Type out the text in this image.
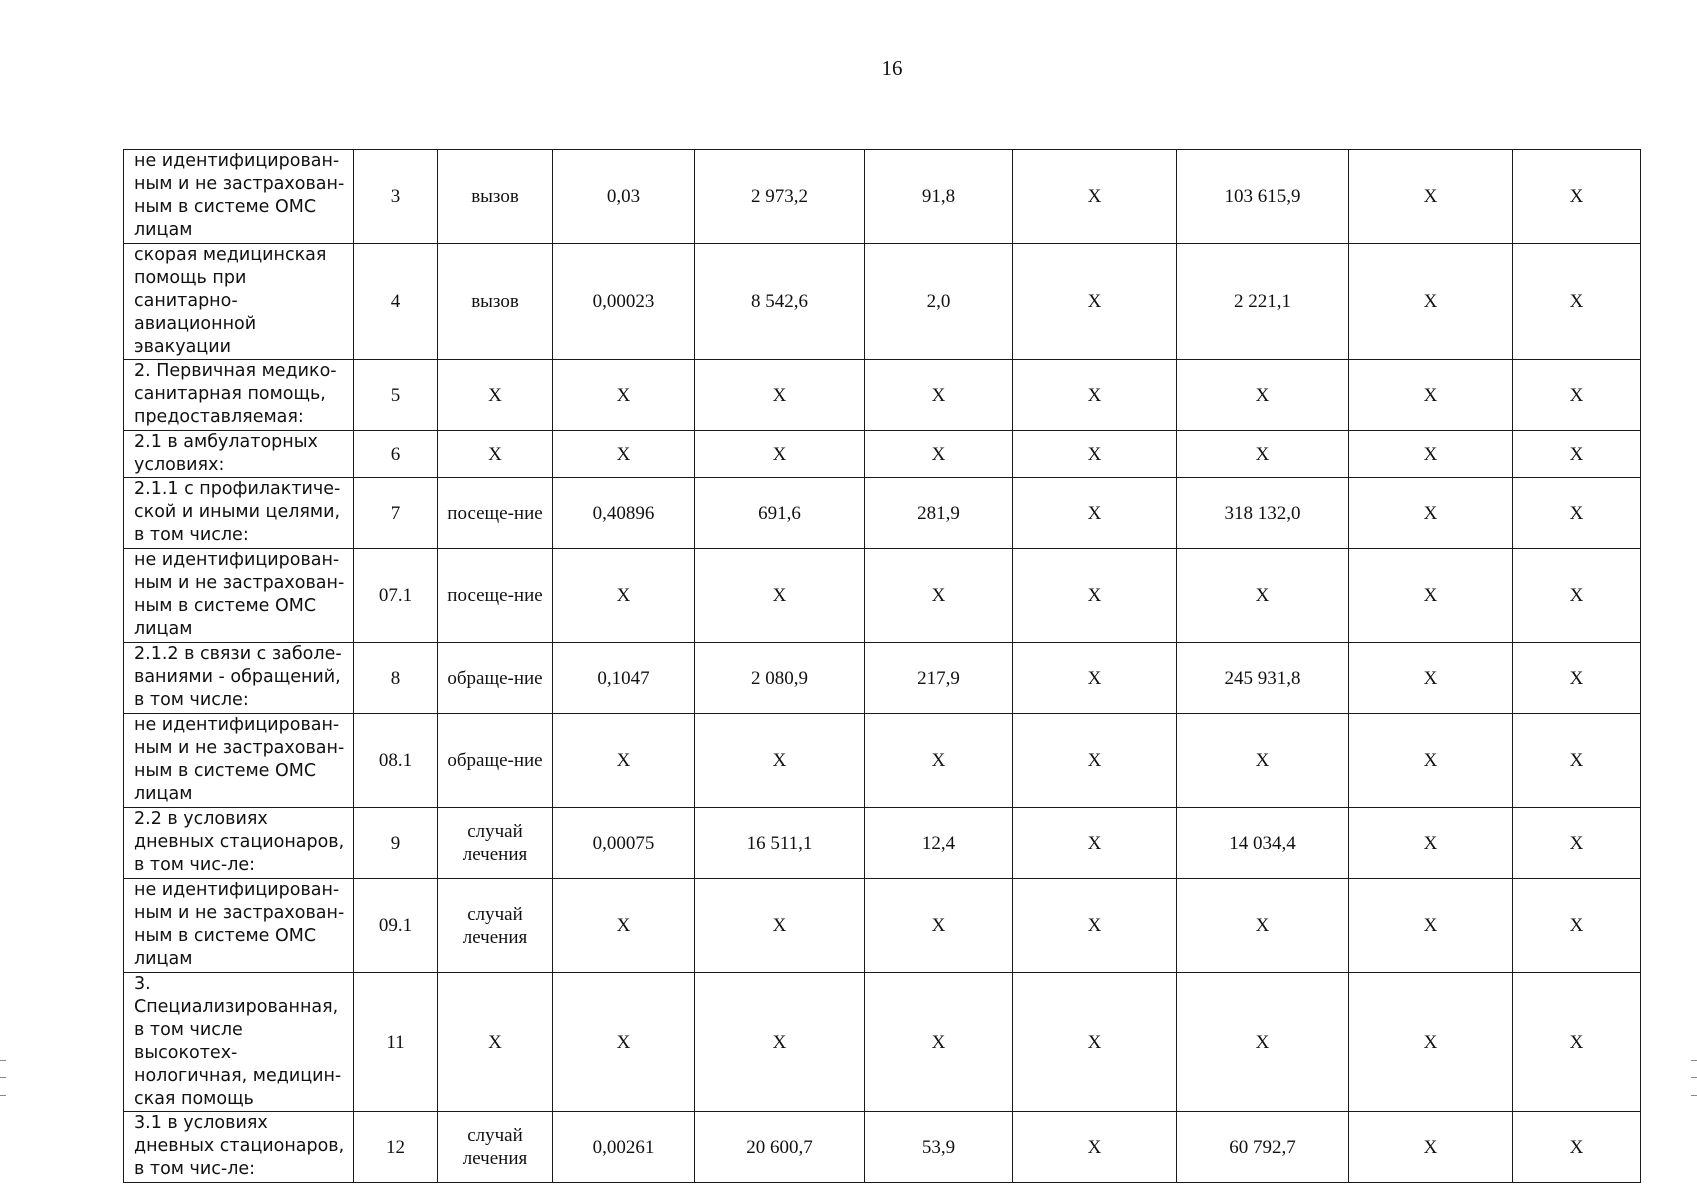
16
не идентифицирован-ным и не застрахован-ным в системе ОМС лицам	3	вызов	0,03	2 973,2	91,8	X	103 615,9	X	X
скорая медицинская помощь при санитарно-авиационной эвакуации	4	вызов	0,00023	8 542,6	2,0	X	2 221,1	X	X
2. Первичная медико-санитарная помощь, предоставляемая:	5	X	X	X	X	X	X	X	X
2.1 в амбулаторных условиях:	6	X	X	X	X	X	X	X	X
2.1.1 с профилактиче-ской и иными целями, в том числе:	7	посеще-ние	0,40896	691,6	281,9	X	318 132,0	X	X
не идентифицирован-ным и не застрахован-ным в системе ОМС лицам	07.1	посеще-ние	X	X	X	X	X	X	X
2.1.2 в связи с заболе-ваниями - обращений, в том числе:	8	обраще-ние	0,1047	2 080,9	217,9	X	245 931,8	X	X
не идентифицирован-ным и не застрахован-ным в системе ОМС лицам	08.1	обраще-ние	X	X	X	X	X	X	X
2.2 в условиях дневных стационаров, в том чис-ле:	9	случай лечения	0,00075	16 511,1	12,4	X	14 034,4	X	X
не идентифицирован-ным и не застрахован-ным в системе ОМС лицам	09.1	случай лечения	X	X	X	X	X	X	X
3. Специализированная, в том числе высокотех-нологичная, медицин-ская помощь	11	X	X	X	X	X	X	X	X
3.1 в условиях дневных стационаров, в том чис-ле:	12	случай лечения	0,00261	20 600,7	53,9	X	60 792,7	X	X
